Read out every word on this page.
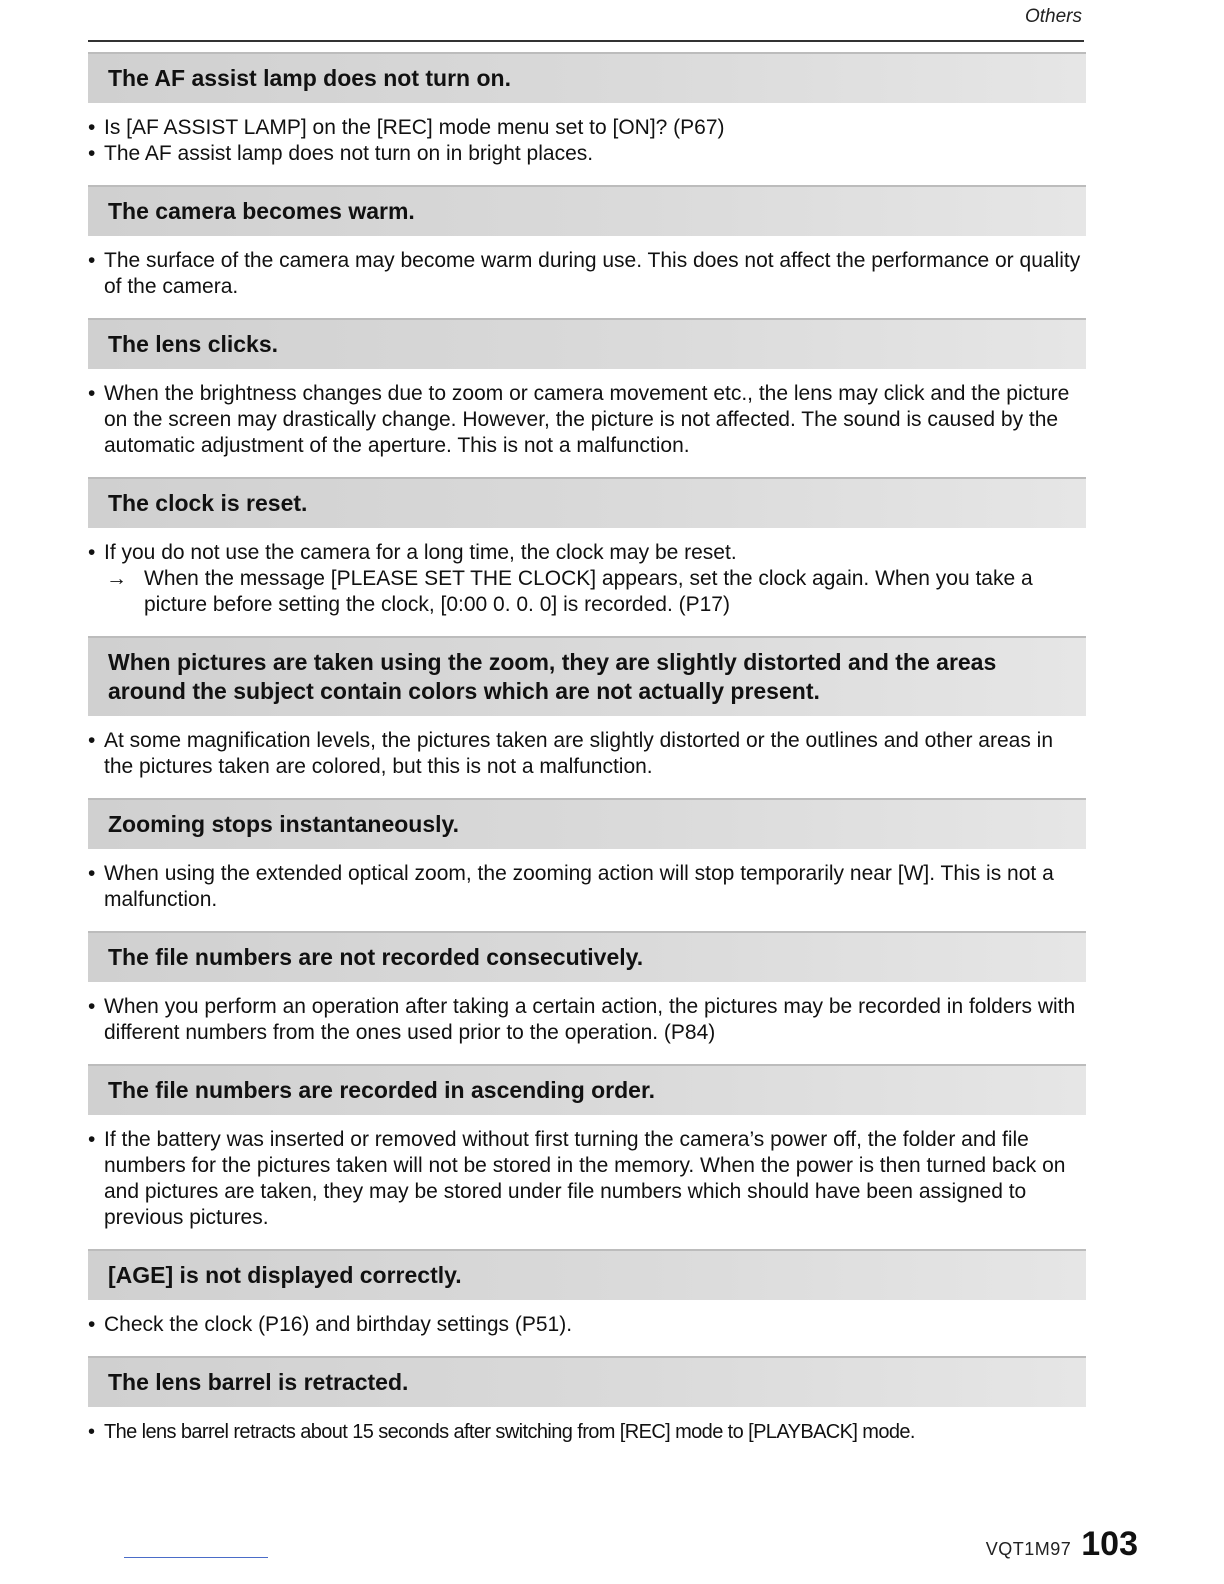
Others
The AF assist lamp does not turn on.
• Is [AF ASSIST LAMP] on the [REC] mode menu set to [ON]? (P67)
• The AF assist lamp does not turn on in bright places.
The camera becomes warm.
• The surface of the camera may become warm during use. This does not affect the performance or quality of the camera.
The lens clicks.
• When the brightness changes due to zoom or camera movement etc., the lens may click and the picture on the screen may drastically change. However, the picture is not affected. The sound is caused by the automatic adjustment of the aperture. This is not a malfunction.
The clock is reset.
• If you do not use the camera for a long time, the clock may be reset.
→ When the message [PLEASE SET THE CLOCK] appears, set the clock again. When you take a picture before setting the clock, [0:00 0. 0. 0] is recorded. (P17)
When pictures are taken using the zoom, they are slightly distorted and the areas around the subject contain colors which are not actually present.
• At some magnification levels, the pictures taken are slightly distorted or the outlines and other areas in the pictures taken are colored, but this is not a malfunction.
Zooming stops instantaneously.
• When using the extended optical zoom, the zooming action will stop temporarily near [W]. This is not a malfunction.
The file numbers are not recorded consecutively.
• When you perform an operation after taking a certain action, the pictures may be recorded in folders with different numbers from the ones used prior to the operation. (P84)
The file numbers are recorded in ascending order.
• If the battery was inserted or removed without first turning the camera’s power off, the folder and file numbers for the pictures taken will not be stored in the memory. When the power is then turned back on and pictures are taken, they may be stored under file numbers which should have been assigned to previous pictures.
[AGE] is not displayed correctly.
• Check the clock (P16) and birthday settings (P51).
The lens barrel is retracted.
• The lens barrel retracts about 15 seconds after switching from [REC] mode to [PLAYBACK] mode.
VQT1M97 103
